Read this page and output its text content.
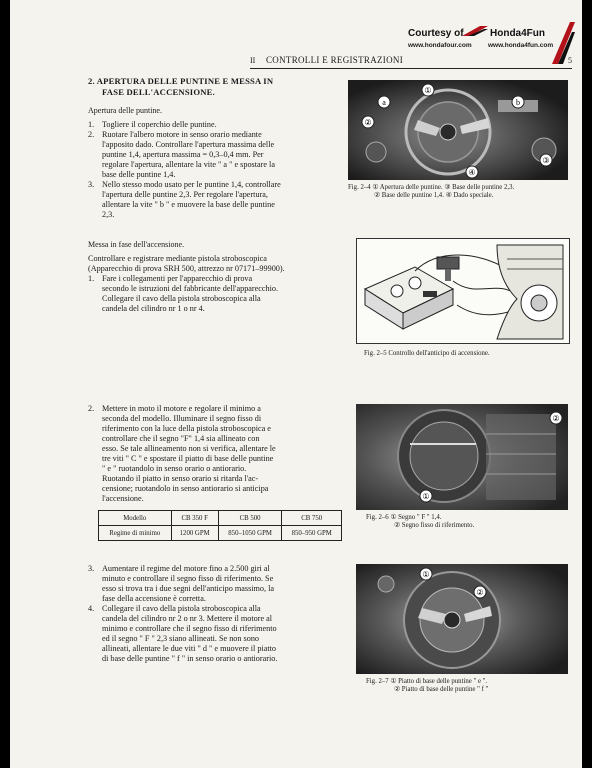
Courtesy of	Honda4Fun
www.hondafour.com	www.honda4fun.com
II CONTROLLI E REGISTRAZIONI	5
2. APERTURA DELLE PUNTINE E MESSA IN
FASE DELL'ACCENSIONE.
Apertura delle puntine.
1. Togliere il coperchio delle puntine.
2. Ruotare l'albero motore in senso orario mediante
l'apposito dado. Controllare l'apertura massima delle
puntine 1,4, apertura massima = 0,3–0,4 mm. Per
regolare l'apertura, allentare la vite " a " e spostare la
base delle puntine 1,4.
3. Nello stesso modo usato per le puntine 1,4, controllare
l'apertura delle puntine 2,3. Per regolare l'apertura,
allentare la vite " b " e muovere la base delle puntine
2,3.
①
②
③
④
a	b
Fig. 2–4 ① Apertura delle puntine. ③ Base delle puntine 2,3.
② Base delle puntine 1,4. ④ Dado speciale.
Messa in fase dell'accensione.
Controllare e registrare mediante pistola stroboscopica
(Apparecchio di prova SRH 500, attrezzo nr 07171–99900).
1. Fare i collegamenti per l'apparecchio di prova
secondo le istruzioni del fabbricante dell'apparecchio.
Collegare il cavo della pistola stroboscopica alla
candela del cilindro nr 1 o nr 4.
Fig. 2–5 Controllo dell'anticipo di accensione.
2. Mettere in moto il motore e regolare il minimo a
seconda del modello. Illuminare il segno fisso di
riferimento con la luce della pistola stroboscopica e
controllare che il segno "F" 1,4 sia allineato con
esso. Se tale allineamento non si verifica, allentare le
tre viti " C " e spostare il piatto di base delle puntine
" e " ruotandolo in senso orario o antiorario.
Ruotando il piatto in senso orario si ritarda l'ac-
censione; ruotandolo in senso antiorario si anticipa
l'accensione.
Modello	CB 350 F	CB 500	CB 750
Regime di minimo	1200 GPM	850–1050 GPM	850–950 GPM
①
②
Fig. 2–6 ① Segno " F " 1,4.
② Segno fisso di riferimento.
3. Aumentare il regime del motore fino a 2.500 giri al
minuto e controllare il segno fisso di riferimento. Se
esso si trova tra i due segni dell'anticipo massimo, la
fase della accensione è corretta.
4. Collegare il cavo della pistola stroboscopica alla
candela del cilindro nr 2 o nr 3. Mettere il motore al
minimo e controllare che il segno fisso di riferimento
ed il segno " F " 2,3 siano allineati. Se non sono
allineati, allentare le due viti " d " e muovere il piatto
di base delle puntine " f " in senso orario o antiorario.
①
②
Fig. 2–7 ① Piatto di base delle puntine " e ".
② Piatto di base delle puntine " f "
